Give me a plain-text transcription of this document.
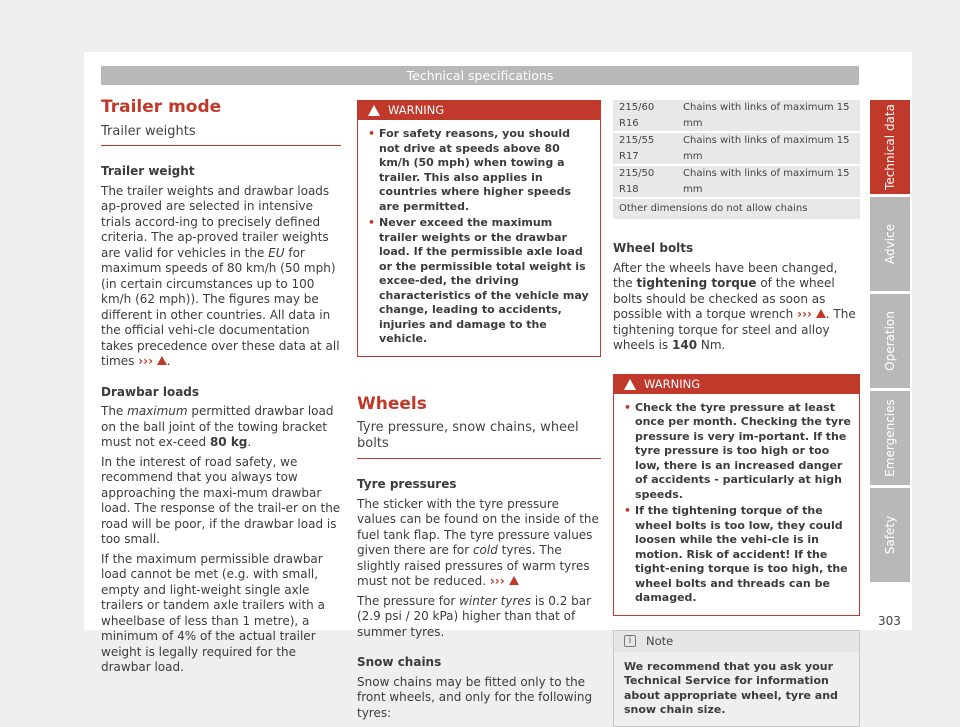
Technical specifications
Trailer mode
Trailer weights

Trailer weight

The trailer weights and drawbar loads ap-proved are selected in intensive trials accord-ing to precisely defined criteria. The ap-proved trailer weights are valid for vehicles in the EU for maximum speeds of 80 km/h (50 mph) (in certain circumstances up to 100 km/h (62 mph)). The figures may be different in other countries. All data in the official vehi-cle documentation takes precedence over these data at all times ››› .

Drawbar loads

The maximum permitted drawbar load on the ball joint of the towing bracket must not ex-ceed 80 kg.

In the interest of road safety, we recommend that you always tow approaching the maxi-mum drawbar load. The response of the trail-er on the road will be poor, if the drawbar load is too small.

If the maximum permissible drawbar load cannot be met (e.g. with small, empty and light-weight single axle trailers or tandem axle trailers with a wheelbase of less than 1 metre), a minimum of 4% of the actual trailer weight is legally required for the drawbar load.

WARNING
• For safety reasons, you should not drive at speeds above 80 km/h (50 mph) when towing a trailer. This also applies in countries where higher speeds are permitted.
• Never exceed the maximum trailer weights or the drawbar load. If the permissible axle load or the permissible total weight is excee-ded, the driving characteristics of the vehicle may change, leading to accidents, injuries and damage to the vehicle.
Wheels
Tyre pressure, snow chains, wheel bolts

Tyre pressures

The sticker with the tyre pressure values can be found on the inside of the fuel tank flap. The tyre pressure values given there are for cold tyres. The slightly raised pressures of warm tyres must not be reduced. ›››

The pressure for winter tyres is 0.2 bar (2.9 psi / 20 kPa) higher than that of summer tyres.

Snow chains

Snow chains may be fitted only to the front wheels, and only for the following tyres:

215/60 R16	Chains with links of maximum 15 mm
215/55 R17	Chains with links of maximum 15 mm
215/50 R18	Chains with links of maximum 15 mm
Other dimensions do not allow chains	

Wheel bolts

After the wheels have been changed, the tightening torque of the wheel bolts should be checked as soon as possible with a torque wrench ››› . The tightening torque for steel and alloy wheels is 140 Nm.

WARNING
• Check the tyre pressure at least once per month. Checking the tyre pressure is very im-portant. If the tyre pressure is too high or too low, there is an increased danger of accidents - particularly at high speeds.
• If the tightening torque of the wheel bolts is too low, they could loosen while the vehi-cle is in motion. Risk of accident! If the tight-ening torque is too high, the wheel bolts and threads can be damaged.
i Note
We recommend that you ask your Technical Service for information about appropriate wheel, tyre and snow chain size.
Technical data
Advice
Operation
Emergencies
Safety
303
